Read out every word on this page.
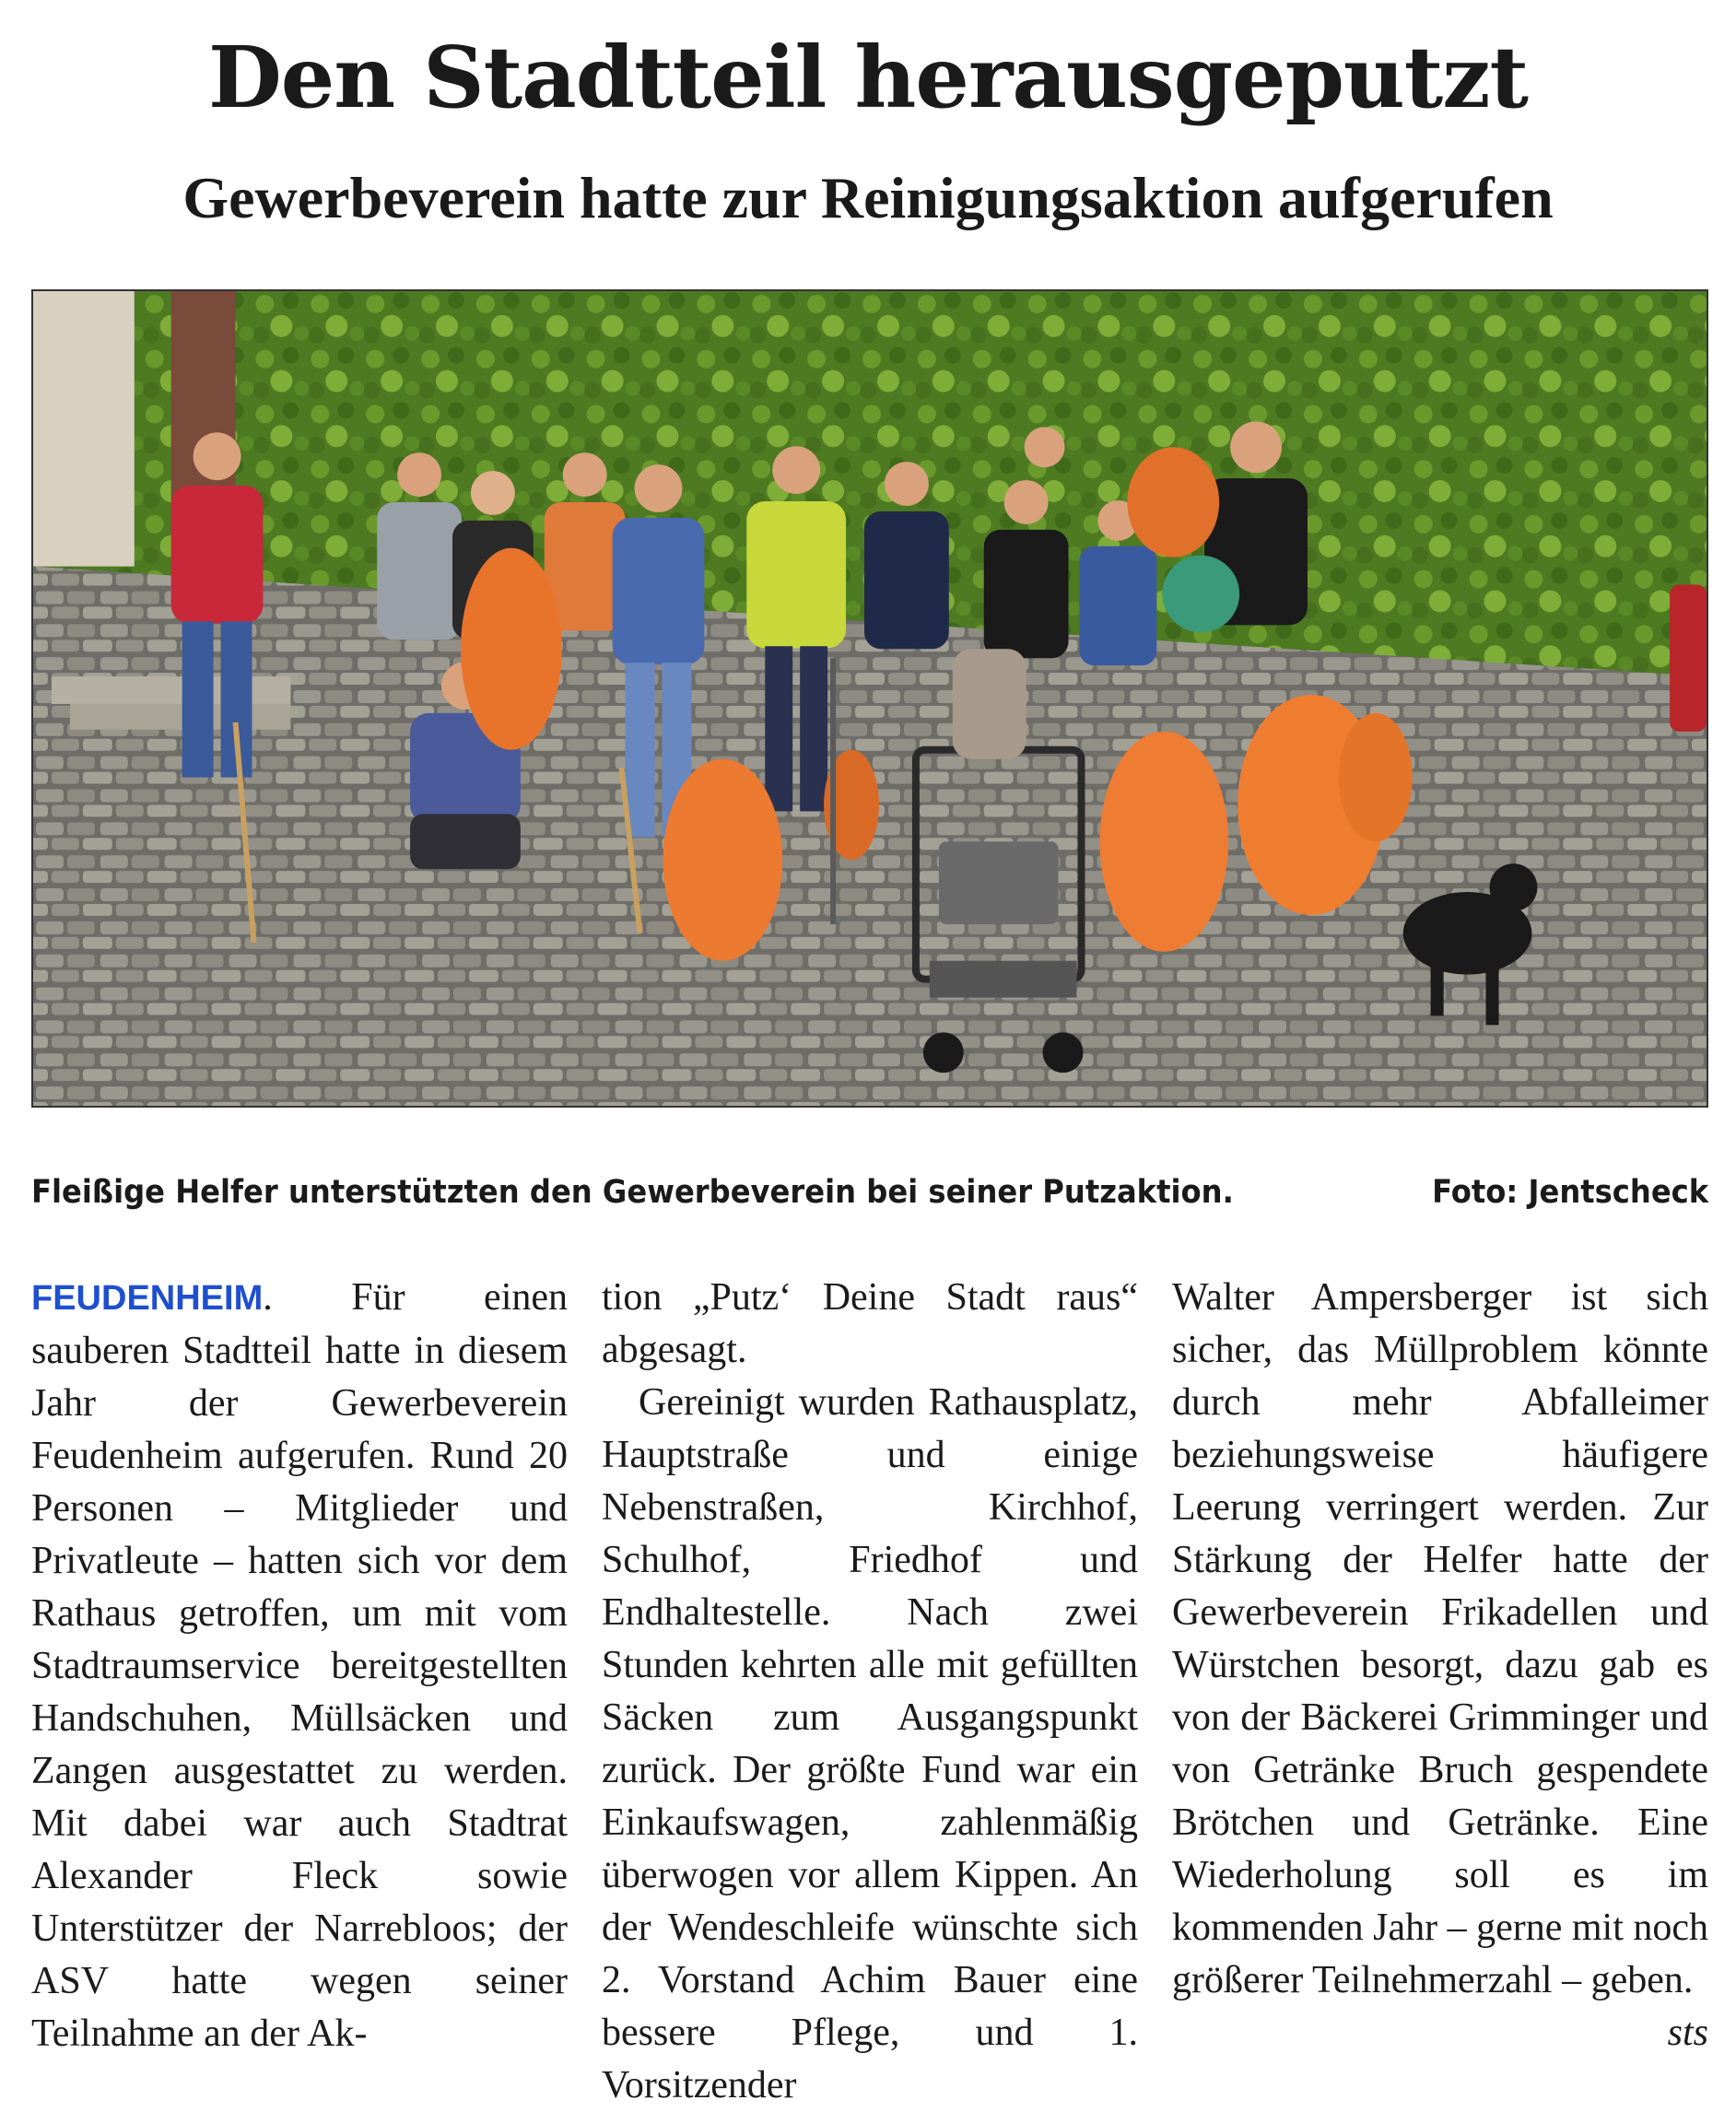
Den Stadtteil herausgeputzt
Gewerbeverein hatte zur Reinigungsaktion aufgerufen
Fleißige Helfer unterstützten den Gewerbeverein bei seiner Putzaktion.	Foto: Jentscheck

FEUDENHEIM. Für einen sauberen Stadtteil hatte in diesem Jahr der Gewerbeverein Feudenheim aufgerufen. Rund 20 Personen – Mitglieder und Privatleute – hatten sich vor dem Rathaus getroffen, um mit vom Stadtraumservice bereitgestellten Handschuhen, Müllsäcken und Zangen ausgestattet zu werden. Mit dabei war auch Stadtrat Alexander Fleck sowie Unterstützer der Narrebloos; der ASV hatte wegen seiner Teilnahme an der Ak-

tion „Putz‘ Deine Stadt raus“ abgesagt.

Gereinigt wurden Rathausplatz, Hauptstraße und einige Nebenstraßen, Kirchhof, Schulhof, Friedhof und Endhaltestelle. Nach zwei Stunden kehrten alle mit gefüllten Säcken zum Ausgangspunkt zurück. Der größte Fund war ein Einkaufswagen, zahlenmäßig überwogen vor allem Kippen. An der Wendeschleife wünschte sich 2. Vorstand Achim Bauer eine bessere Pflege, und 1. Vorsitzender

Walter Ampersberger ist sich sicher, das Müllproblem könnte durch mehr Abfalleimer beziehungsweise häufigere Leerung verringert werden. Zur Stärkung der Helfer hatte der Gewerbeverein Frikadellen und Würstchen besorgt, dazu gab es von der Bäckerei Grimminger und von Getränke Bruch gespendete Brötchen und Getränke. Eine Wiederholung soll es im kommenden Jahr – gerne mit noch größerer Teilnehmerzahl – geben.
sts
